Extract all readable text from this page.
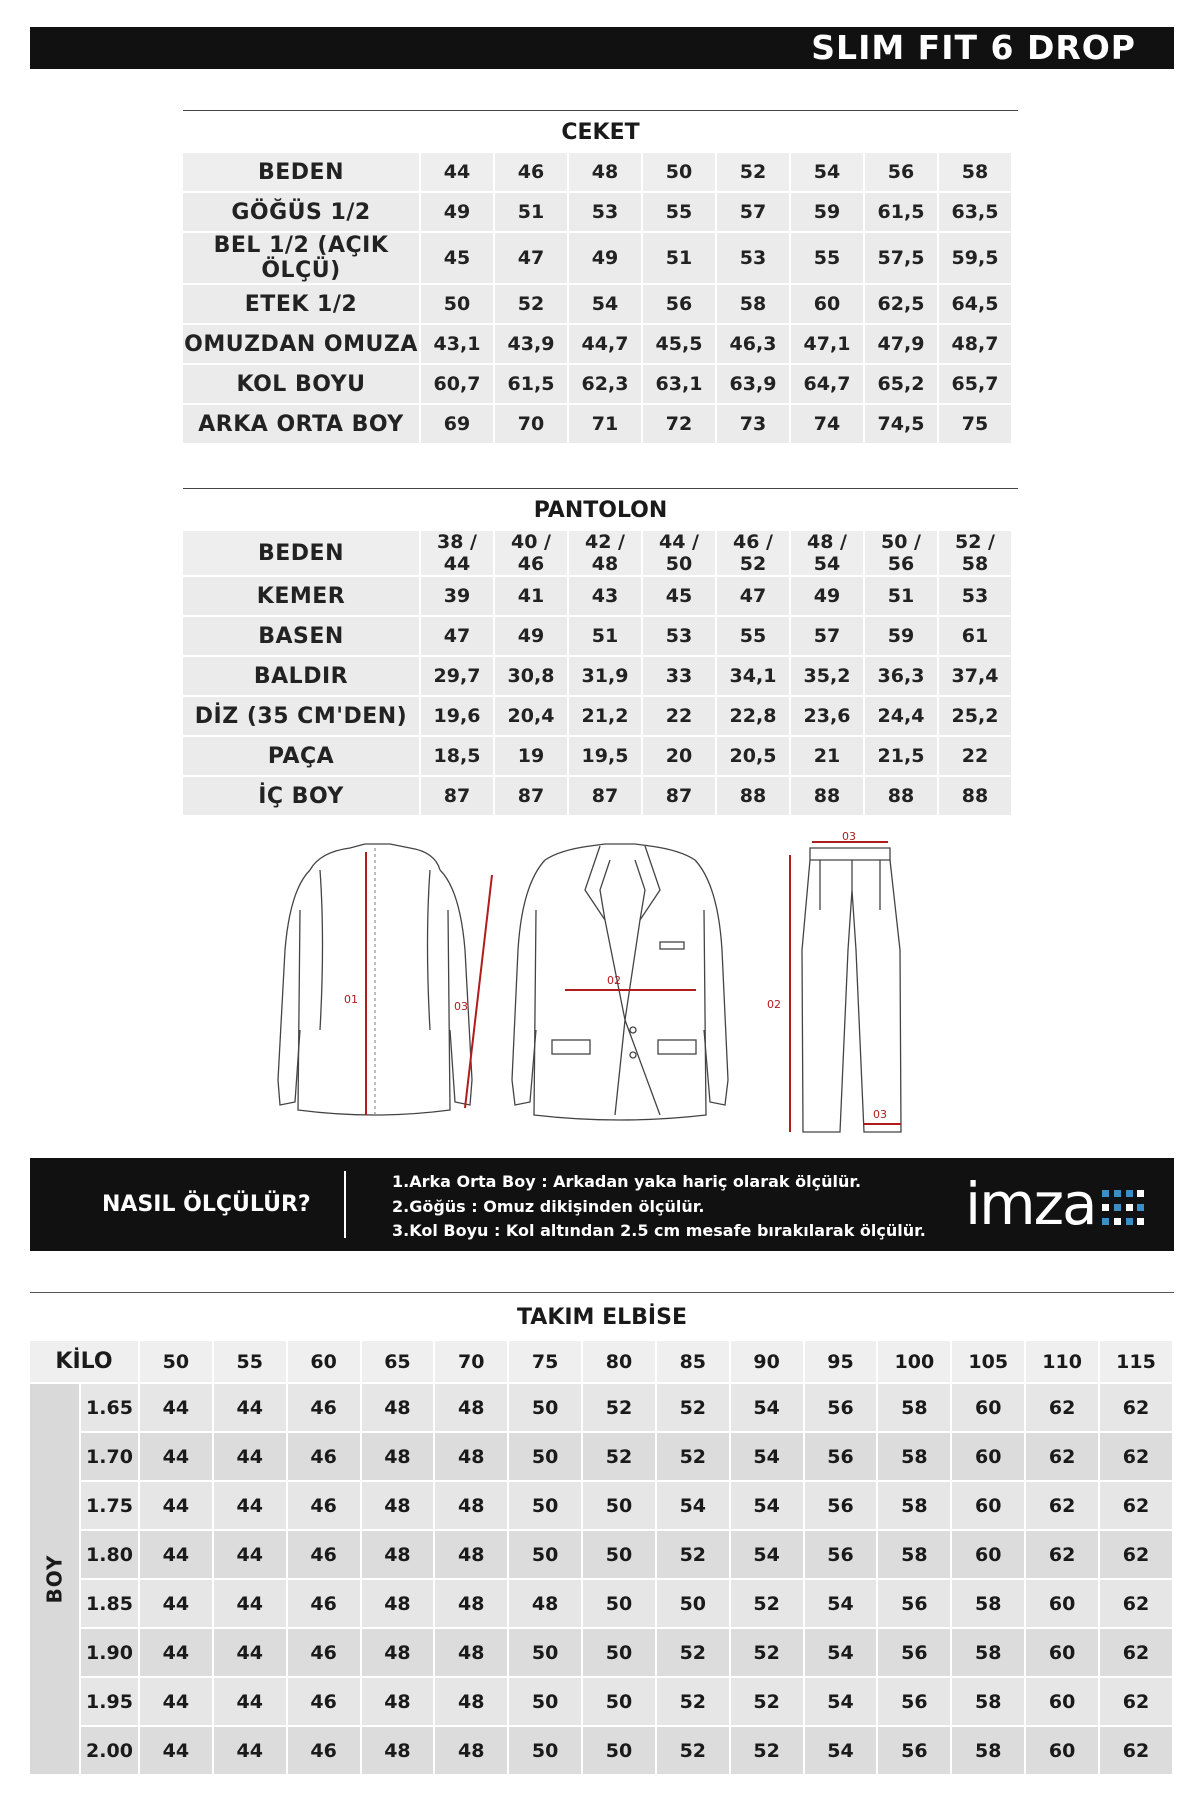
SLIM FIT 6 DROP
CEKET
BEDEN	44	46	48	50	52	54	56	58
GÖĞÜS 1/2	49	51	53	55	57	59	61,5	63,5
BEL 1/2 (AÇIK ÖLÇÜ)	45	47	49	51	53	55	57,5	59,5
ETEK 1/2	50	52	54	56	58	60	62,5	64,5
OMUZDAN OMUZA	43,1	43,9	44,7	45,5	46,3	47,1	47,9	48,7
KOL BOYU	60,7	61,5	62,3	63,1	63,9	64,7	65,2	65,7
ARKA ORTA BOY	69	70	71	72	73	74	74,5	75
PANTOLON
BEDEN	38 / 44	40 / 46	42 / 48	44 / 50	46 / 52	48 / 54	50 / 56	52 / 58
KEMER	39	41	43	45	47	49	51	53
BASEN	47	49	51	53	55	57	59	61
BALDIR	29,7	30,8	31,9	33	34,1	35,2	36,3	37,4
DİZ (35 CM'DEN)	19,6	20,4	21,2	22	22,8	23,6	24,4	25,2
PAÇA	18,5	19	19,5	20	20,5	21	21,5	22
İÇ BOY	87	87	87	87	88	88	88	88
01
02
03
03
02
03
NASIL ÖLÇÜLÜR?
1.Arka Orta Boy : Arkadan yaka hariç olarak ölçülür.
2.Göğüs : Omuz dikişinden ölçülür.
3.Kol Boyu : Kol altından 2.5 cm mesafe bırakılarak ölçülür. imza
TAKIM ELBİSE
KİLO		50	55	60	65	70	75	80	85	90	95	100	105	110	115
BOY	1.65	44	44	46	48	48	50	52	52	54	56	58	60	62	62
	1.70	44	44	46	48	48	50	52	52	54	56	58	60	62	62
	1.75	44	44	46	48	48	50	50	54	54	56	58	60	62	62
	1.80	44	44	46	48	48	50	50	52	54	56	58	60	62	62
	1.85	44	44	46	48	48	48	50	50	52	54	56	58	60	62
	1.90	44	44	46	48	48	50	50	52	52	54	56	58	60	62
	1.95	44	44	46	48	48	50	50	52	52	54	56	58	60	62
	2.00	44	44	46	48	48	50	50	52	52	54	56	58	60	62
